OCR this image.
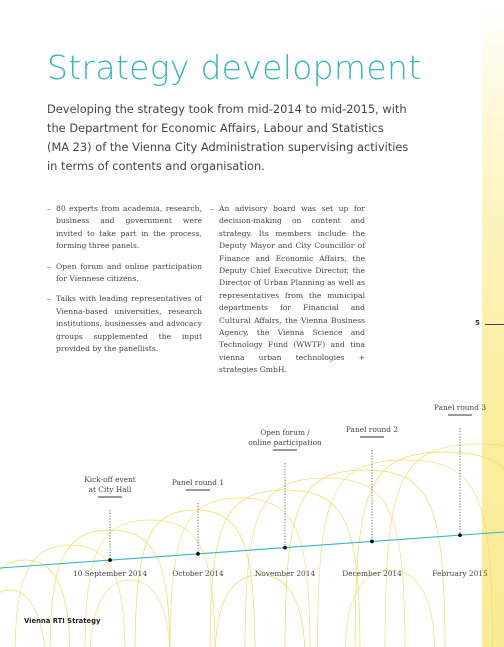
Strategy development
Developing the strategy took from mid-2014 to mid-2015, with
the Department for Economic Affairs, Labour and Statistics
(MA 23) of the Vienna City Administration supervising activities
in terms of contents and organisation.
– 80 experts from academia, research, business and government were invited to take part in the process, forming three panels.
– Open forum and online participation for Viennese citizens.
– Talks with leading representatives of Vienna-based universities, research institutions, businesses and advocacy groups supplemented the input provided by the panellists.
– An advisory board was set up for decision-making on content and strategy. Its members include the Deputy Mayor and City Councillor of Finance and Economic Affairs, the Deputy Chief Executive Director, the Director of Urban Planning as well as representatives from the municipal departments for Financial and Cultural Affairs, the Vienna Business Agency, the Vienna Science and Technology Fund (WWTF) and tina vienna urban technologies + strategies GmbH.
5
Kick-off event
at City Hall
10 September 2014
Panel round 1
October 2014
Open forum /
online participation
November 2014
Panel round 2
December 2014
Panel round 3
February 2015
Vienna RTI Strategy
